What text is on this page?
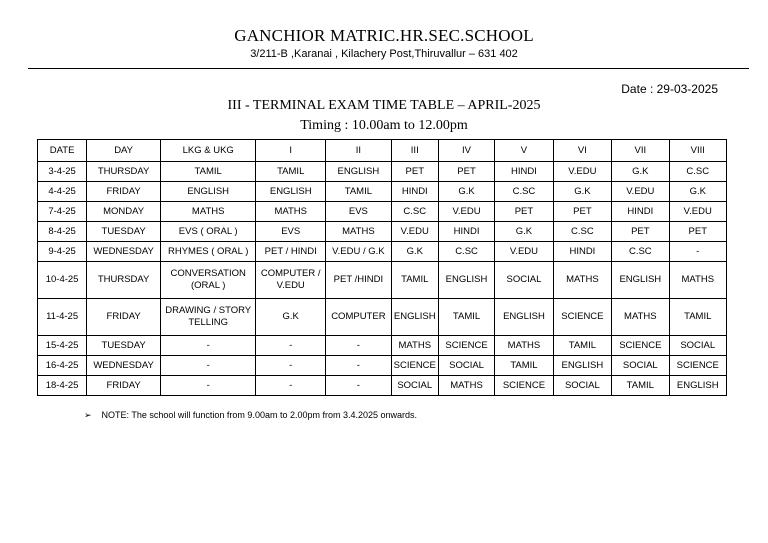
GANCHIOR MATRIC.HR.SEC.SCHOOL
3/211-B ,Karanai , Kilachery Post,Thiruvallur – 631 402
Date : 29-03-2025
III - TERMINAL EXAM TIME TABLE – APRIL-2025
Timing : 10.00am to 12.00pm
DATE	DAY	LKG & UKG	I	II	III	IV	V	VI	VII	VIII
3-4-25	THURSDAY	TAMIL	TAMIL	ENGLISH	PET	PET	HINDI	V.EDU	G.K	C.SC
4-4-25	FRIDAY	ENGLISH	ENGLISH	TAMIL	HINDI	G.K	C.SC	G.K	V.EDU	G.K
7-4-25	MONDAY	MATHS	MATHS	EVS	C.SC	V.EDU	PET	PET	HINDI	V.EDU
8-4-25	TUESDAY	EVS ( ORAL )	EVS	MATHS	V.EDU	HINDI	G.K	C.SC	PET	PET
9-4-25	WEDNESDAY	RHYMES ( ORAL )	PET / HINDI	V.EDU / G.K	G.K	C.SC	V.EDU	HINDI	C.SC	-
10-4-25	THURSDAY	CONVERSATION (ORAL )	COMPUTER / V.EDU	PET /HINDI	TAMIL	ENGLISH	SOCIAL	MATHS	ENGLISH	MATHS
11-4-25	FRIDAY	DRAWING / STORY TELLING	G.K	COMPUTER	ENGLISH	TAMIL	ENGLISH	SCIENCE	MATHS	TAMIL
15-4-25	TUESDAY	-	-	-	MATHS	SCIENCE	MATHS	TAMIL	SCIENCE	SOCIAL
16-4-25	WEDNESDAY	-	-	-	SCIENCE	SOCIAL	TAMIL	ENGLISH	SOCIAL	SCIENCE
18-4-25	FRIDAY	-	-	-	SOCIAL	MATHS	SCIENCE	SOCIAL	TAMIL	ENGLISH
➢ NOTE: The school will function from 9.00am to 2.00pm from 3.4.2025 onwards.
